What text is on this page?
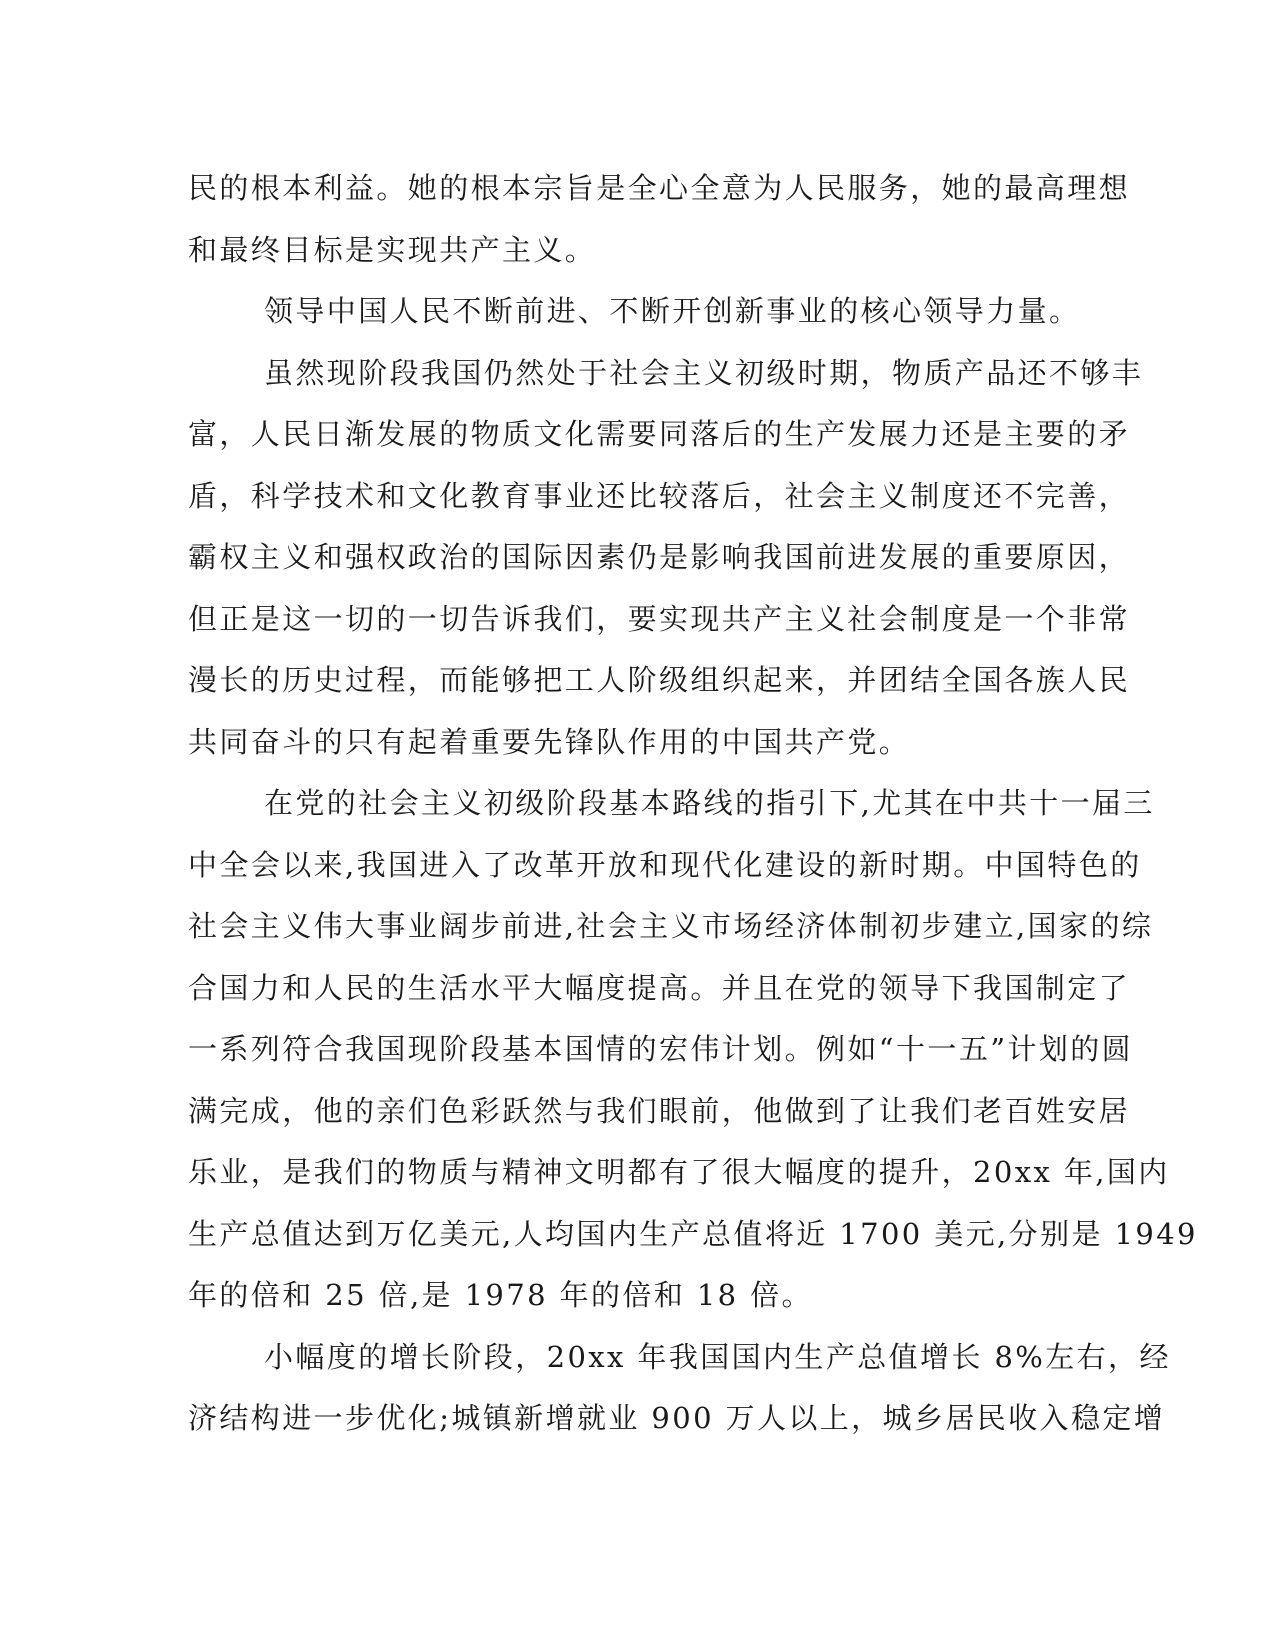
民的根本利益。她的根本宗旨是全心全意为人民服务，她的最高理想
和最终目标是实现共产主义。
领导中国人民不断前进、不断开创新事业的核心领导力量。
虽然现阶段我国仍然处于社会主义初级时期，物质产品还不够丰
富，人民日渐发展的物质文化需要同落后的生产发展力还是主要的矛
盾，科学技术和文化教育事业还比较落后，社会主义制度还不完善，
霸权主义和强权政治的国际因素仍是影响我国前进发展的重要原因，
但正是这一切的一切告诉我们，要实现共产主义社会制度是一个非常
漫长的历史过程，而能够把工人阶级组织起来，并团结全国各族人民
共同奋斗的只有起着重要先锋队作用的中国共产党。
在党的社会主义初级阶段基本路线的指引下,尤其在中共十一届三
中全会以来,我国进入了改革开放和现代化建设的新时期。中国特色的
社会主义伟大事业阔步前进,社会主义市场经济体制初步建立,国家的综
合国力和人民的生活水平大幅度提高。并且在党的领导下我国制定了
一系列符合我国现阶段基本国情的宏伟计划。例如“十一五”计划的圆
满完成，他的亲们色彩跃然与我们眼前，他做到了让我们老百姓安居
乐业，是我们的物质与精神文明都有了很大幅度的提升，20xx 年,国内
生产总值达到万亿美元,人均国内生产总值将近 1700 美元,分别是 1949
年的倍和 25 倍,是 1978 年的倍和 18 倍。
小幅度的增长阶段，20xx 年我国国内生产总值增长 8%左右，经
济结构进一步优化;城镇新增就业 900 万人以上，城乡居民收入稳定增
